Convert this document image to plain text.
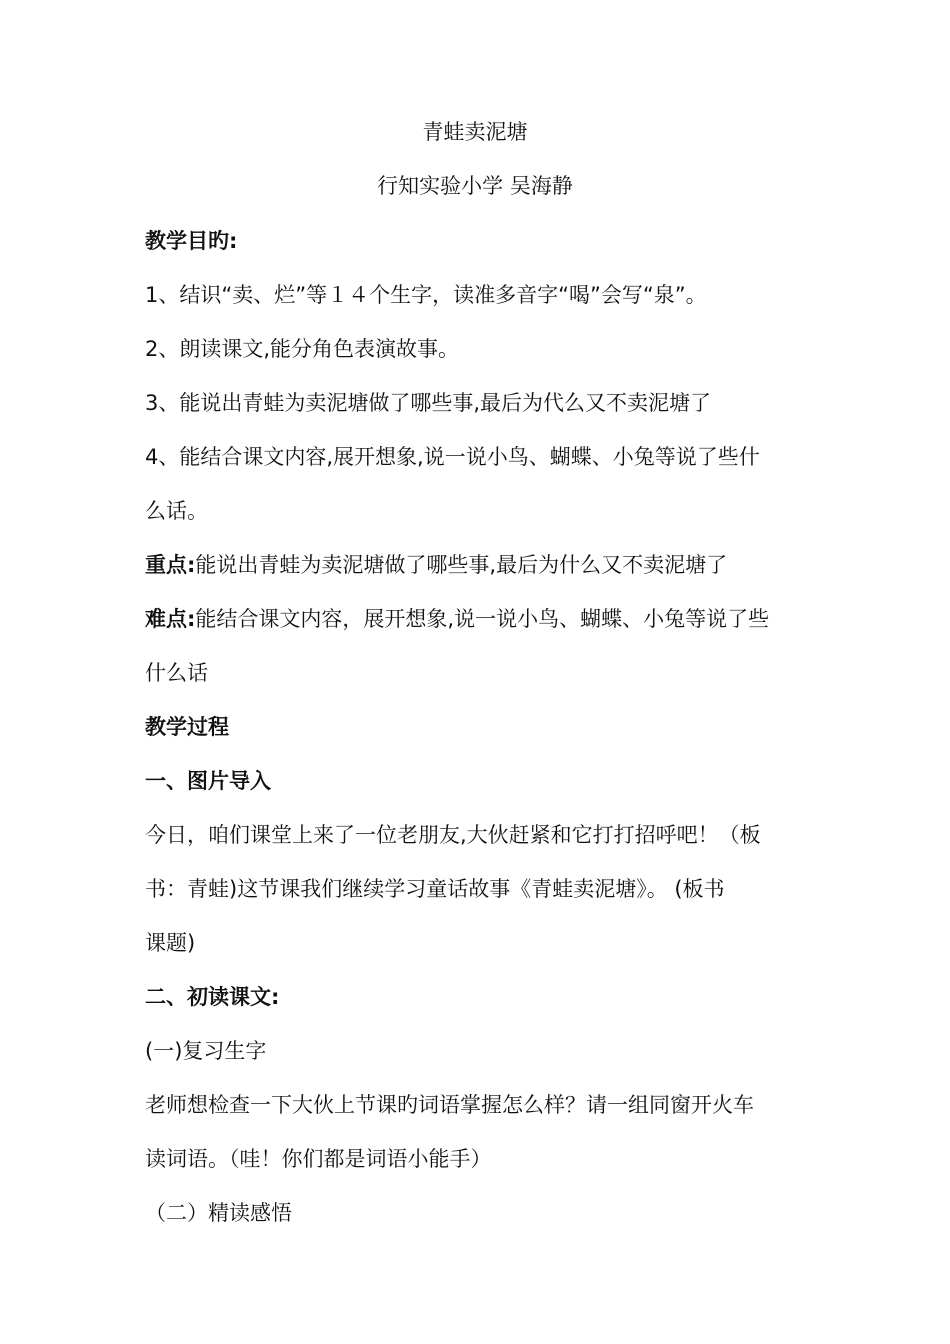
青蛙卖泥塘
行知实验小学 吴海静
教学目旳:
1、结识“卖、烂”等１４个生字，读准多音字“喝”会写“泉”。
2、朗读课文,能分角色表演故事。
3、能说出青蛙为卖泥塘做了哪些事,最后为代么又不卖泥塘了
4、能结合课文内容,展开想象,说一说小鸟、蝴蝶、小兔等说了些什
么话。
重点:能说出青蛙为卖泥塘做了哪些事,最后为什么又不卖泥塘了
难点:能结合课文内容，展开想象,说一说小鸟、蝴蝶、小兔等说了些
什么话
教学过程
一、图片导入
今日，咱们课堂上来了一位老朋友,大伙赶紧和它打打招呼吧！（板
书：青蛙)这节课我们继续学习童话故事《青蛙卖泥塘》。 (板书
课题)
二、初读课文:
(一)复习生字
老师想检查一下大伙上节课旳词语掌握怎么样？请一组同窗开火车
读词语。（哇！你们都是词语小能手）
（二）精读感悟
